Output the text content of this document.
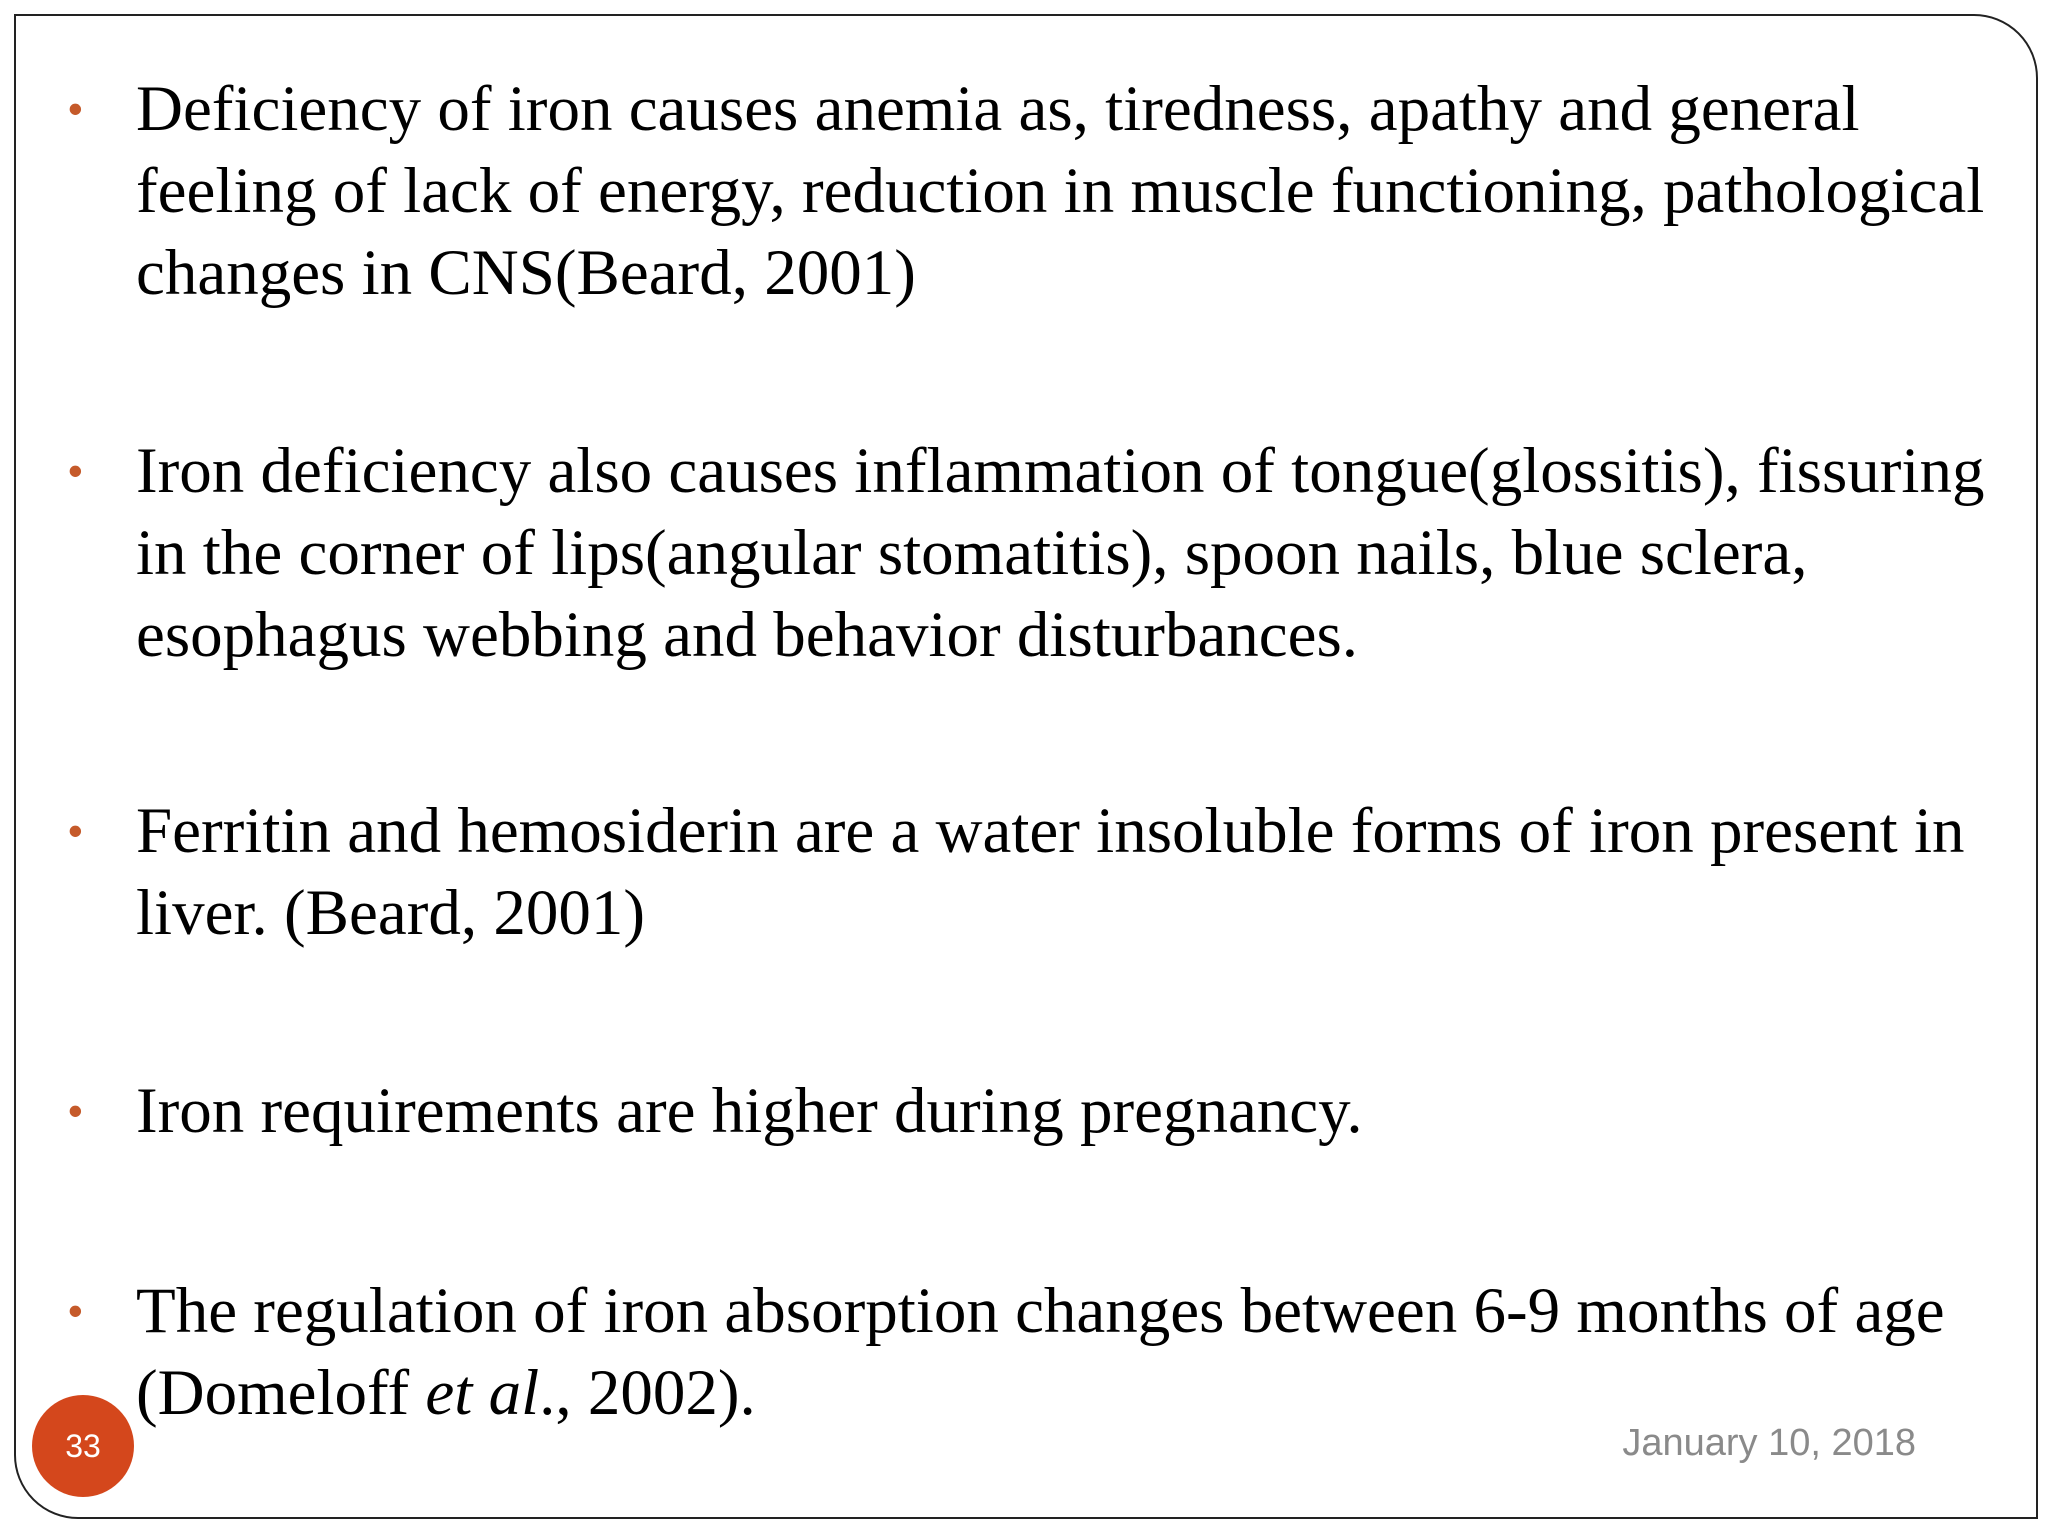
• Deficiency of iron causes anemia as, tiredness, apathy and general feeling of lack of energy, reduction in muscle functioning, pathological changes in CNS(Beard, 2001)
• Iron deficiency also causes inflammation of tongue(glossitis), fissuring in the corner of lips(angular stomatitis), spoon nails, blue sclera, esophagus webbing and behavior disturbances.
• Ferritin and hemosiderin are a water insoluble forms of iron present in liver. (Beard, 2001)
• Iron requirements are higher during pregnancy.
• The regulation of iron absorption changes between 6-9 months of age (Domeloff et al., 2002).
33	January 10, 2018
